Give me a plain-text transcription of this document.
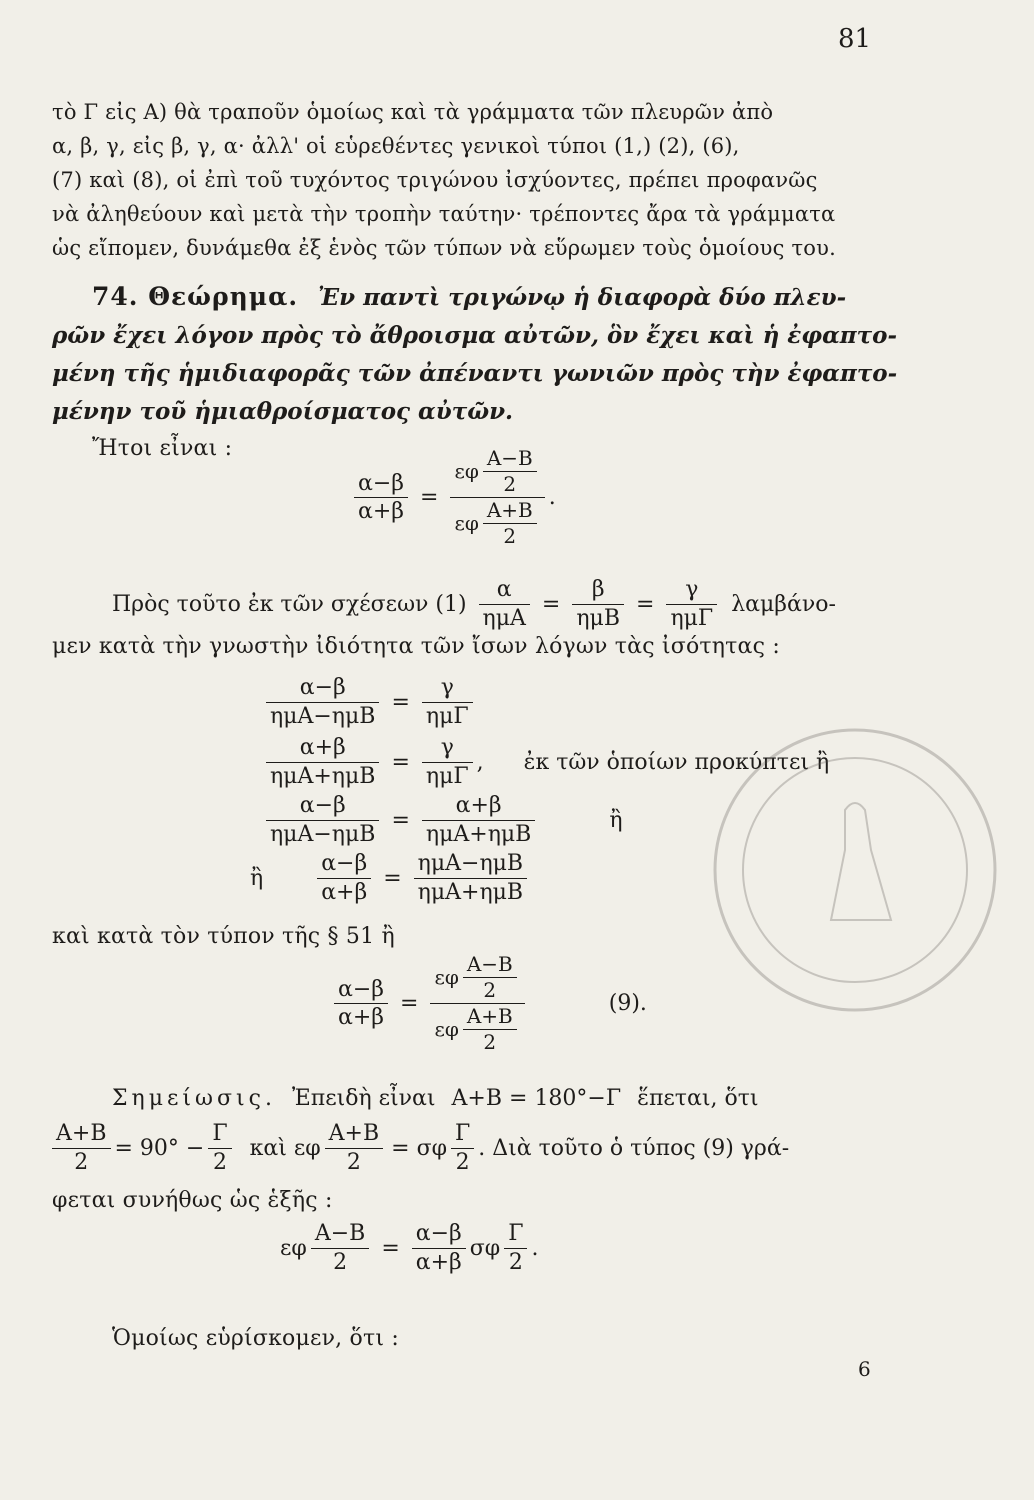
81
τὸ Γ εἰς Α) θὰ τραποῦν ὁμοίως καὶ τὰ γράμματα τῶν πλευρῶν ἀπὸ
α, β, γ, εἰς β, γ, α· ἀλλ' οἱ εὑρεθέντες γενικοὶ τύποι (1,) (2), (6),
(7) καὶ (8), οἱ ἐπὶ τοῦ τυχόντος τριγώνου ἰσχύοντες, πρέπει προφανῶς
νὰ ἀληθεύουν καὶ μετὰ τὴν τροπὴν ταύτην· τρέποντες ἄρα τὰ γράμματα
ὡς εἴπομεν, δυνάμεθα ἐξ ἑνὸς τῶν τύπων νὰ εὕρωμεν τοὺς ὁμοίους του.
74. Θεώρημα. Ἐν παντὶ τριγώνῳ ἡ διαφορὰ δύο πλευ-
ρῶν ἔχει λόγον πρὸς τὸ ἄθροισμα αὐτῶν, ὃν ἔχει καὶ ἡ ἐφαπτο-
μένη τῆς ἡμιδιαφορᾶς τῶν ἀπέναντι γωνιῶν πρὸς τὴν ἐφαπτο-
μένην τοῦ ἡμιαθροίσματος αὐτῶν.
Ἤτοι εἶναι :
$\frac{\alpha-\beta}{\alpha+\beta} = \frac{\varepsilon\varphi \frac{A-B}{2}}{\varepsilon\varphi \frac{A+B}{2}}$ .
Πρὸς τοῦτο ἐκ τῶν σχέσεων $(1) \frac{\alpha}{\text{ημΑ}} = \frac{\beta}{\text{ημΒ}} = \frac{\gamma}{\text{ημΓ}} \lambda\alpha\mu\beta ά\nu o-$
μεν κατὰ τὴν γνωστὴν ἰδιότητα τῶν ἴσων λόγων τὰς ἰσότητας :
$\frac{\alpha-\beta}{\text{ημΑ−ημΒ}} = \frac{\gamma}{\text{ημΓ}}$
$\frac{\alpha+\beta}{\text{ημΑ+ημΒ}} = \frac{\gamma}{\text{ημΓ}}$ , ἐκ τῶν ὁποίων προκύπτει ἢ
$\frac{\alpha-\beta}{\text{ημΑ−ημΒ}} = \frac{\alpha+\beta}{\text{ημΑ+ημΒ}}$	ἢ
ἢ $\frac{\alpha-\beta}{\alpha+\beta} = \frac{\text{ημΑ−ημΒ}}{\text{ημΑ+ημΒ}}$
καὶ κατὰ τὸν τύπον τῆς § 51 ἢ
$\frac{\alpha-\beta}{\alpha+\beta} = \frac{\varepsilon\varphi \frac{A-B}{2}}{\varepsilon\varphi \frac{A+B}{2}}$	(9).
Σημείωσις. Ἐπειδὴ εἶναι Α+Β = 180°−Γ ἕπεται, ὅτι
$\frac{A+B}{2} = 90^\circ - \frac{\Gamma}{2}$ καὶ εφ $\frac{A+B}{2} = \sigma\varphi \frac{\Gamma}{2}$ . Διὰ τοῦτο ὁ τύπος (9) γρά-
φεται συνήθως ὡς ἑξῆς :
εφ $\frac{A-B}{2} = \frac{\alpha-\beta}{\alpha+\beta}$ σφ $\frac{\Gamma}{2}$ .
Ὁμοίως εὑρίσκομεν, ὅτι :
6
